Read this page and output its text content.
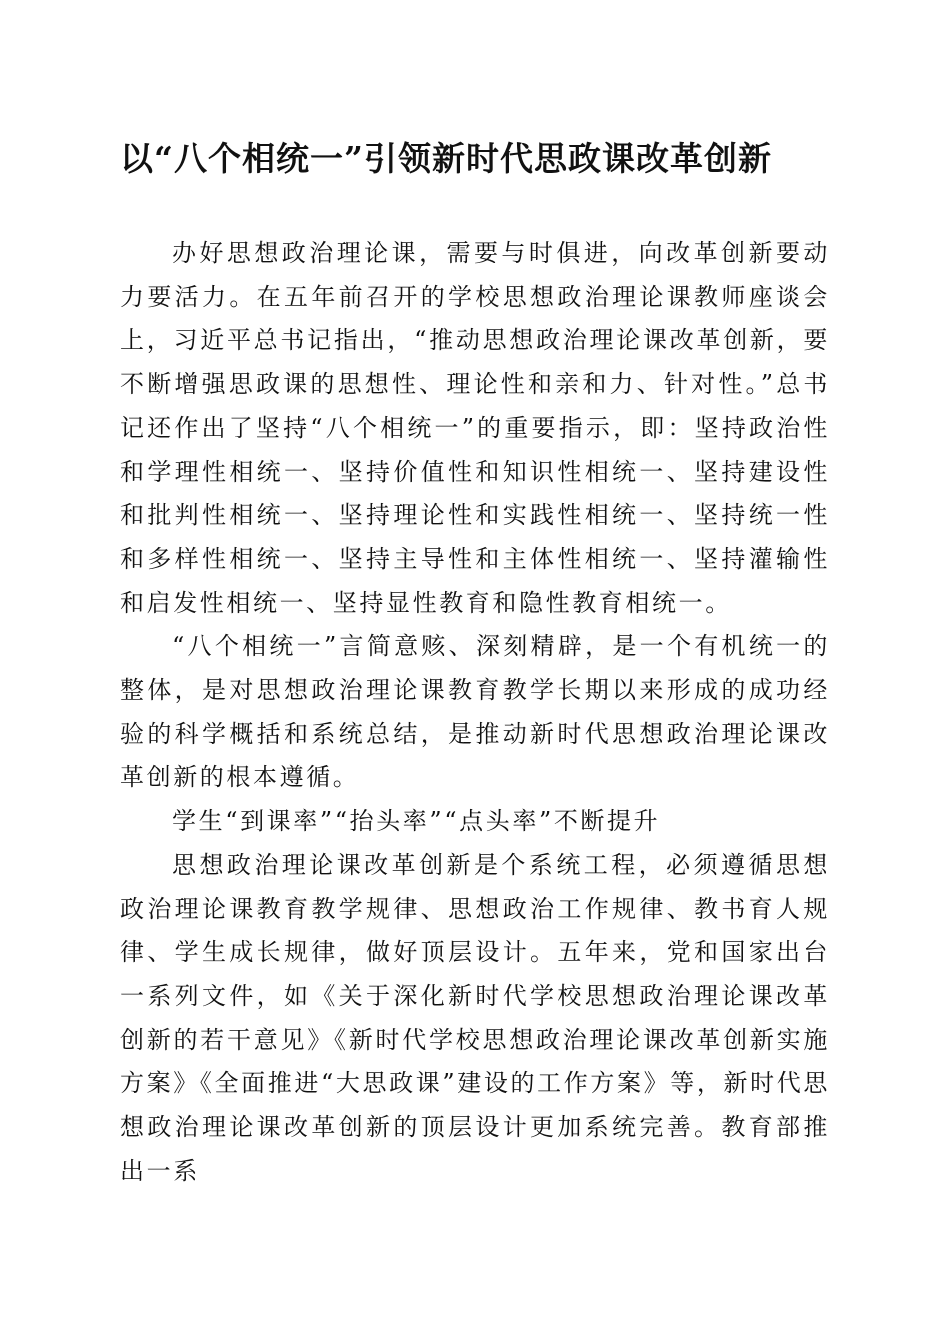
以“八个相统一”引领新时代思政课改革创新

办好思想政治理论课，需要与时俱进，向改革创新要动力要活力。在五年前召开的学校思想政治理论课教师座谈会上，习近平总书记指出，“推动思想政治理论课改革创新，要不断增强思政课的思想性、理论性和亲和力、针对性。”总书记还作出了坚持“八个相统一”的重要指示，即：坚持政治性和学理性相统一、坚持价值性和知识性相统一、坚持建设性和批判性相统一、坚持理论性和实践性相统一、坚持统一性和多样性相统一、坚持主导性和主体性相统一、坚持灌输性和启发性相统一、坚持显性教育和隐性教育相统一。

“八个相统一”言简意赅、深刻精辟，是一个有机统一的整体，是对思想政治理论课教育教学长期以来形成的成功经验的科学概括和系统总结，是推动新时代思想政治理论课改革创新的根本遵循。

学生“到课率”“抬头率”“点头率”不断提升

思想政治理论课改革创新是个系统工程，必须遵循思想政治理论课教育教学规律、思想政治工作规律、教书育人规律、学生成长规律，做好顶层设计。五年来，党和国家出台一系列文件，如《关于深化新时代学校思想政治理论课改革创新的若干意见》《新时代学校思想政治理论课改革创新实施方案》《全面推进“大思政课”建设的工作方案》等，新时代思想政治理论课改革创新的顶层设计更加系统完善。教育部推出一系
